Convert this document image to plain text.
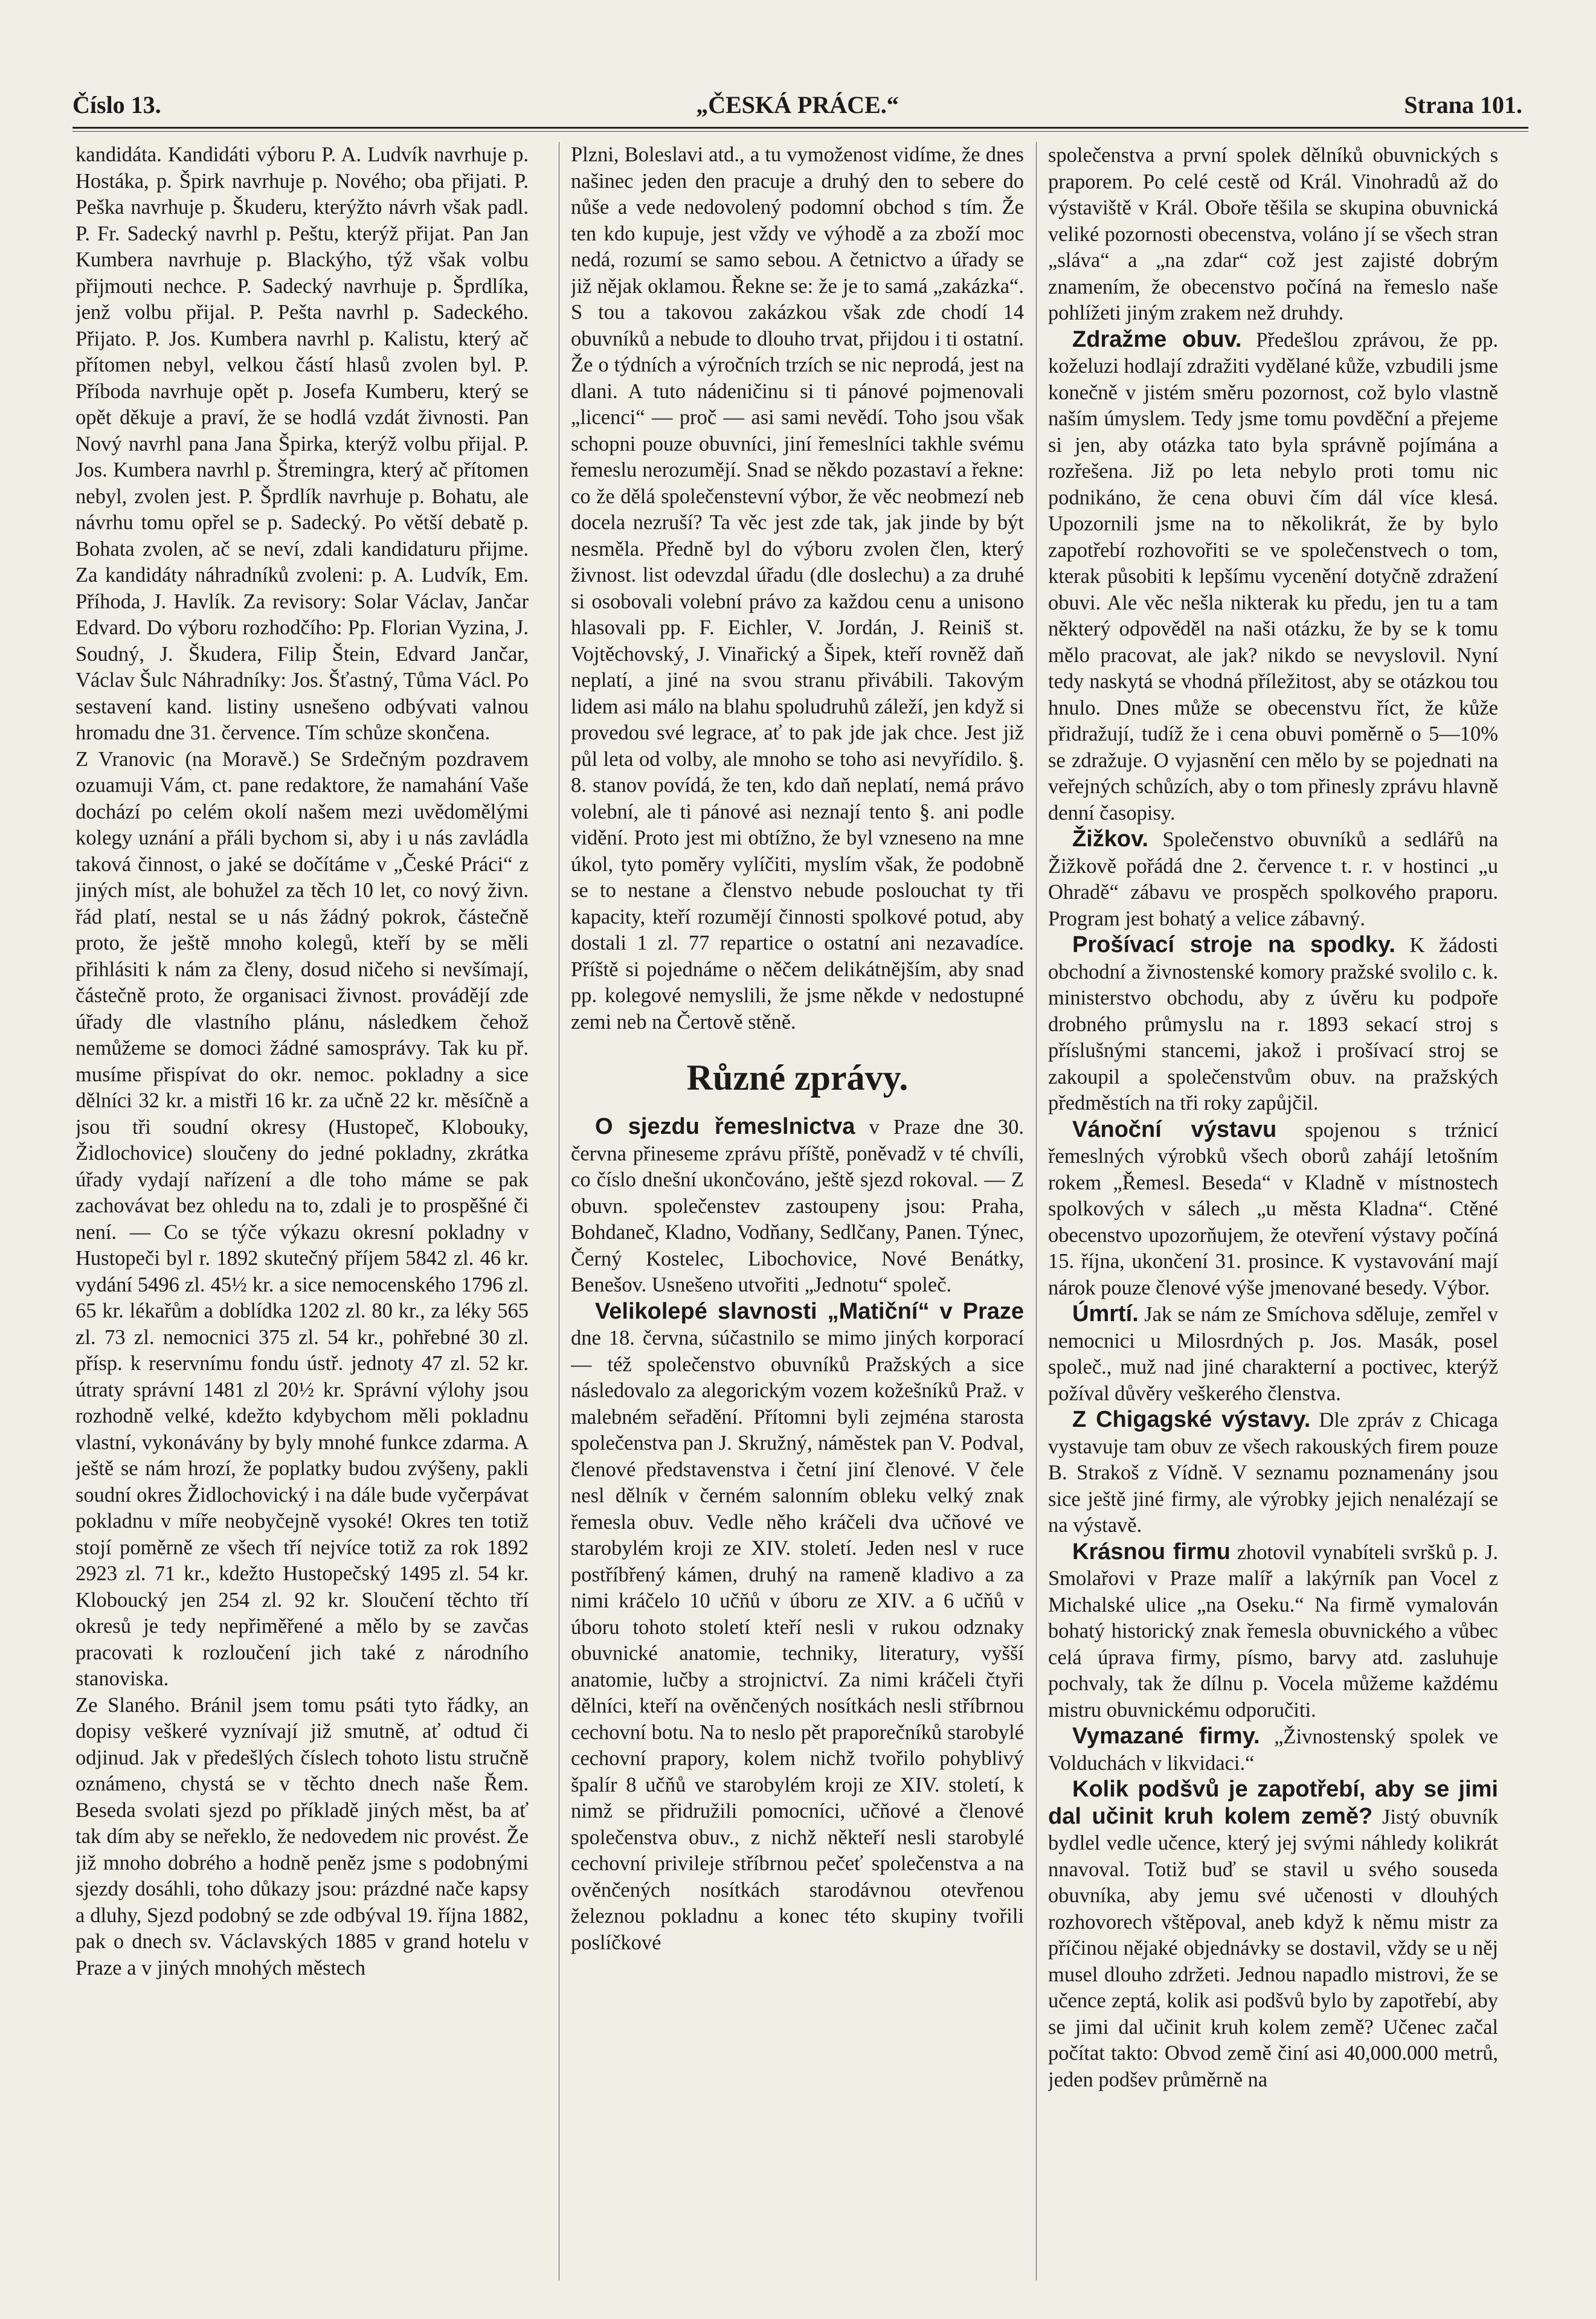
Číslo 13.	„ČESKÁ PRÁCE.“	Strana 101.

kandidáta. Kandidáti výboru P. A. Ludvík navrhuje p. Hostáka, p. Špirk navrhuje p. Nového; oba přijati. P. Peška navrhuje p. Škuderu, kterýžto návrh však padl. P. Fr. Sadecký navrhl p. Peštu, kterýž přijat. Pan Jan Kumbera navrhuje p. Blackýho, týž však volbu přijmouti nechce. P. Sadecký navrhuje p. Šprdlíka, jenž volbu přijal. P. Pešta navrhl p. Sadeckého. Přijato. P. Jos. Kumbera navrhl p. Kalistu, který ač přítomen nebyl, velkou částí hlasů zvolen byl. P. Příboda navrhuje opět p. Josefa Kumberu, který se opět děkuje a praví, že se hodlá vzdát živnosti. Pan Nový navrhl pana Jana Špirka, kterýž volbu přijal. P. Jos. Kumbera navrhl p. Štremingra, který ač přítomen nebyl, zvolen jest. P. Šprdlík navrhuje p. Bohatu, ale návrhu tomu opřel se p. Sadecký. Po větší debatě p. Bohata zvolen, ač se neví, zdali kandidaturu přijme. Za kandidáty náhradníků zvoleni: p. A. Ludvík, Em. Příhoda, J. Havlík. Za revisory: Solar Václav, Jančar Edvard. Do výboru rozhodčího: Pp. Florian Vyzina, J. Soudný, J. Škudera, Filip Štein, Edvard Jančar, Václav Šulc Náhradníky: Jos. Šťastný, Tůma Václ. Po sestavení kand. listiny usnešeno odbývati valnou hromadu dne 31. července. Tím schůze skončena.

Z Vranovic (na Moravě.) Se Srdečným pozdravem ozuamuji Vám, ct. pane redaktore, že namahání Vaše dochází po celém okolí našem mezi uvědomělými kolegy uznání a přáli bychom si, aby i u nás zavládla taková činnost, o jaké se dočítáme v „České Práci“ z jiných míst, ale bohužel za těch 10 let, co nový živn. řád platí, nestal se u nás žádný pokrok, částečně proto, že ještě mnoho kolegů, kteří by se měli přihlásiti k nám za členy, dosud ničeho si nevšímají, částečně proto, že organisaci živnost. provádějí zde úřady dle vlastního plánu, následkem čehož nemůžeme se domoci žádné samosprávy. Tak ku př. musíme přispívat do okr. nemoc. pokladny a sice dělníci 32 kr. a mistři 16 kr. za učně 22 kr. měsíčně a jsou tři soudní okresy (Hustopeč, Klobouky, Židlochovice) sloučeny do jedné pokladny, zkrátka úřady vydají nařízení a dle toho máme se pak zachovávat bez ohledu na to, zdali je to prospěšné či není. — Co se týče výkazu okresní pokladny v Hustopeči byl r. 1892 skutečný příjem 5842 zl. 46 kr. vydání 5496 zl. 45½ kr. a sice nemocenského 1796 zl. 65 kr. lékařům a doblídka 1202 zl. 80 kr., za léky 565 zl. 73 zl. nemocnici 375 zl. 54 kr., pohřebné 30 zl. přísp. k reservnímu fondu ústř. jednoty 47 zl. 52 kr. útraty správní 1481 zl 20½ kr. Správní výlohy jsou rozhodně velké, kdežto kdybychom měli pokladnu vlastní, vykonávány by byly mnohé funkce zdarma. A ještě se nám hrozí, že poplatky budou zvýšeny, pakli soudní okres Židlochovický i na dále bude vyčerpávat pokladnu v míře neobyčejně vysoké! Okres ten totiž stojí poměrně ze všech tří nejvíce totiž za rok 1892 2923 zl. 71 kr., kdežto Hustopečský 1495 zl. 54 kr. Kloboucký jen 254 zl. 92 kr. Sloučení těchto tří okresů je tedy nepřiměřené a mělo by se zavčas pracovati k rozloučení jich také z národního stanoviska.

Ze Slaného. Bránil jsem tomu psáti tyto řádky, an dopisy veškeré vyznívají již smutně, ať odtud či odjinud. Jak v předešlých číslech tohoto listu stručně oznámeno, chystá se v těchto dnech naše Řem. Beseda svolati sjezd po příkladě jiných měst, ba ať tak dím aby se neřeklo, že nedovedem nic provést. Že již mnoho dobrého a hodně peněz jsme s podobnými sjezdy dosáhli, toho důkazy jsou: prázdné nače kapsy a dluhy, Sjezd podobný se zde odbýval 19. října 1882, pak o dnech sv. Václavských 1885 v grand hotelu v Praze a v jiných mnohých městech

Plzni, Boleslavi atd., a tu vymoženost vidíme, že dnes našinec jeden den pracuje a druhý den to sebere do nůše a vede nedovolený podomní obchod s tím. Že ten kdo kupuje, jest vždy ve výhodě a za zboží moc nedá, rozumí se samo sebou. A četnictvo a úřady se již nějak oklamou. Řekne se: že je to samá „zakázka“. S tou a takovou zakázkou však zde chodí 14 obuvníků a nebude to dlouho trvat, přijdou i ti ostatní. Že o týdních a výročních trzích se nic neprodá, jest na dlani. A tuto nádeničinu si ti pánové pojmenovali „licenci“ — proč — asi sami nevědí. Toho jsou však schopni pouze obuvníci, jiní řemeslníci takhle svému řemeslu nerozumějí. Snad se někdo pozastaví a řekne: co že dělá společenstevní výbor, že věc neobmezí neb docela nezruší? Ta věc jest zde tak, jak jinde by být nesměla. Předně byl do výboru zvolen člen, který živnost. list odevzdal úřadu (dle doslechu) a za druhé si osobovali volební právo za každou cenu a unisono hlasovali pp. F. Eichler, V. Jordán, J. Reiniš st. Vojtěchovský, J. Vinařický a Šipek, kteří rovněž daň neplatí, a jiné na svou stranu přivábili. Takovým lidem asi málo na blahu spoludruhů záleží, jen když si provedou své legrace, ať to pak jde jak chce. Jest již půl leta od volby, ale mnoho se toho asi nevyřídilo. §. 8. stanov povídá, že ten, kdo daň neplatí, nemá právo volební, ale ti pánové asi neznají tento §. ani podle vidění. Proto jest mi obtížno, že byl vzneseno na mne úkol, tyto poměry vylíčiti, myslím však, že podobně se to nestane a členstvo nebude poslouchat ty tři kapacity, kteří rozumějí činnosti spolkové potud, aby dostali 1 zl. 77 repartice o ostatní ani nezavadíce. Příště si pojednáme o něčem delikátnějším, aby snad pp. kolegové nemyslili, že jsme někde v nedostupné zemi neb na Čertově stěně.

Různé zprávy.

O sjezdu řemeslnictva v Praze dne 30. června přineseme zprávu příště, poněvadž v té chvíli, co číslo dnešní ukončováno, ještě sjezd rokoval. — Z obuvn. společenstev zastoupeny jsou: Praha, Bohdaneč, Kladno, Vodňany, Sedlčany, Panen. Týnec, Černý Kostelec, Libochovice, Nové Benátky, Benešov. Usnešeno utvořiti „Jednotu“ společ.

Velikolepé slavnosti „Matiční“ v Praze dne 18. června, súčastnilo se mimo jiných korporací — též společenstvo obuvníků Pražských a sice následovalo za alegorickým vozem kožešníků Praž. v malebném seřadění. Přítomni byli zejména starosta společenstva pan J. Skružný, náměstek pan V. Podval, členové představenstva i četní jiní členové. V čele nesl dělník v černém salonním obleku velký znak řemesla obuv. Vedle něho kráčeli dva učňové ve starobylém kroji ze XIV. století. Jeden nesl v ruce postříbřený kámen, druhý na rameně kladivo a za nimi kráčelo 10 učňů v úboru ze XIV. a 6 učňů v úboru tohoto století kteří nesli v rukou odznaky obuvnické anatomie, techniky, literatury, vyšší anatomie, lučby a strojnictví. Za nimi kráčeli čtyři dělníci, kteří na ověnčených nosítkách nesli stříbrnou cechovní botu. Na to neslo pět praporečníků starobylé cechovní prapory, kolem nichž tvořilo pohyblivý špalír 8 učňů ve starobylém kroji ze XIV. století, k nimž se přidružili pomocníci, učňové a členové společenstva obuv., z nichž někteří nesli starobylé cechovní privileje stříbrnou pečeť společenstva a na ověnčených nosítkách starodávnou otevřenou železnou pokladnu a konec této skupiny tvořili poslíčkové

společenstva a první spolek dělníků obuvnických s praporem. Po celé cestě od Král. Vinohradů až do výstaviště v Král. Oboře těšila se skupina obuvnická veliké pozornosti obecenstva, voláno jí se všech stran „sláva“ a „na zdar“ což jest zajisté dobrým znamením, že obecenstvo počíná na řemeslo naše pohlížeti jiným zrakem než druhdy.

Zdražme obuv. Předešlou zprávou, že pp. koželuzi hodlají zdražiti vydělané kůže, vzbudili jsme konečně v jistém směru pozornost, což bylo vlastně naším úmyslem. Tedy jsme tomu povděční a přejeme si jen, aby otázka tato byla správně pojímána a rozřešena. Již po leta nebylo proti tomu nic podnikáno, že cena obuvi čím dál více klesá. Upozornili jsme na to několikrát, že by bylo zapotřebí rozhovořiti se ve společenstvech o tom, kterak působiti k lepšímu vycenění dotyčně zdražení obuvi. Ale věc nešla nikterak ku předu, jen tu a tam některý odpověděl na naši otázku, že by se k tomu mělo pracovat, ale jak? nikdo se nevyslovil. Nyní tedy naskytá se vhodná příležitost, aby se otázkou tou hnulo. Dnes může se obecenstvu říct, že kůže přidražují, tudíž že i cena obuvi poměrně o 5—10% se zdražuje. O vyjasnění cen mělo by se pojednati na veřejných schůzích, aby o tom přinesly zprávu hlavně denní časopisy.

Žižkov. Společenstvo obuvníků a sedlářů na Žižkově pořádá dne 2. července t. r. v hostinci „u Ohradě“ zábavu ve prospěch spolkového praporu. Program jest bohatý a velice zábavný.

Prošívací stroje na spodky. K žádosti obchodní a živnostenské komory pražské svolilo c. k. ministerstvo obchodu, aby z úvěru ku podpoře drobného průmyslu na r. 1893 sekací stroj s příslušnými stancemi, jakož i prošívací stroj se zakoupil a společenstvům obuv. na pražských předměstích na tři roky zapůjčil.

Vánoční výstavu spojenou s trźnicí řemeslných výrobků všech oborů zahájí letošním rokem „Řemesl. Beseda“ v Kladně v místnostech spolkových v sálech „u města Kladna“. Ctěné obecenstvo upozorňujem, že otevření výstavy počíná 15. října, ukončení 31. prosince. K vystavování mají nárok pouze členové výše jmenované besedy. Výbor.

Úmrtí. Jak se nám ze Smíchova sděluje, zemřel v nemocnici u Milosrdných p. Jos. Masák, posel společ., muž nad jiné charakterní a poctivec, kterýž požíval důvěry veškerého členstva.

Z Chigagské výstavy. Dle zpráv z Chicaga vystavuje tam obuv ze všech rakouských firem pouze B. Strakoš z Vídně. V seznamu poznamenány jsou sice ještě jiné firmy, ale výrobky jejich nenalézají se na výstavě.

Krásnou firmu zhotovil vynabíteli svršků p. J. Smolařovi v Praze malíř a lakýrník pan Vocel z Michalské ulice „na Oseku.“ Na firmě vymalován bohatý historický znak řemesla obuvnického a vůbec celá úprava firmy, písmo, barvy atd. zasluhuje pochvaly, tak že dílnu p. Vocela můžeme každému mistru obuvnickému odporučiti.

Vymazané firmy. „Živnostenský spolek ve Volduchách v likvidaci.“

Kolik podšvů je zapotřebí, aby se jimi dal učinit kruh kolem země? Jistý obuvník bydlel vedle učence, který jej svými náhledy kolikrát nnavoval. Totiž buď se stavil u svého souseda obuvníka, aby jemu své učenosti v dlouhých rozhovorech vštěpoval, aneb když k němu mistr za příčinou nějaké objednávky se dostavil, vždy se u něj musel dlouho zdržeti. Jednou napadlo mistrovi, že se učence zeptá, kolik asi podšvů bylo by zapotřebí, aby se jimi dal učinit kruh kolem země? Učenec začal počítat takto: Obvod země činí asi 40,000.000 metrů, jeden podšev průměrně na
